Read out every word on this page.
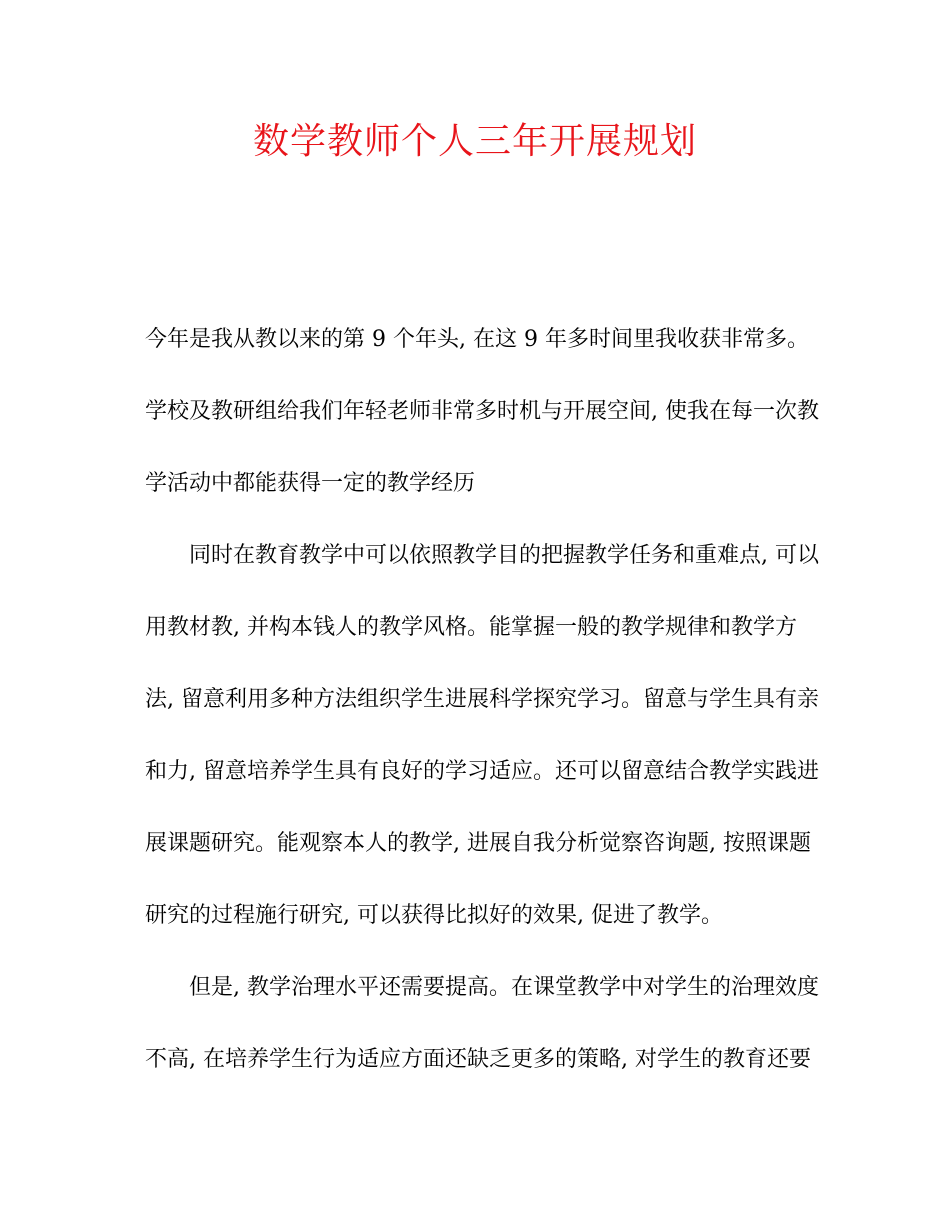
数学教师个人三年开展规划

今年是我从教以来的第 9 个年头, 在这 9 年多时间里我收获非常多。

学校及教研组给我们年轻老师非常多时机与开展空间, 使我在每一次教

学活动中都能获得一定的教学经历

　　同时在教育教学中可以依照教学目的把握教学任务和重难点, 可以

用教材教, 并构本钱人的教学风格。能掌握一般的教学规律和教学方

法, 留意利用多种方法组织学生进展科学探究学习。留意与学生具有亲

和力, 留意培养学生具有良好的学习适应。还可以留意结合教学实践进

展课题研究。能观察本人的教学, 进展自我分析觉察咨询题, 按照课题

研究的过程施行研究, 可以获得比拟好的效果, 促进了教学。

　　但是, 教学治理水平还需要提高。在课堂教学中对学生的治理效度

不高, 在培养学生行为适应方面还缺乏更多的策略, 对学生的教育还要
